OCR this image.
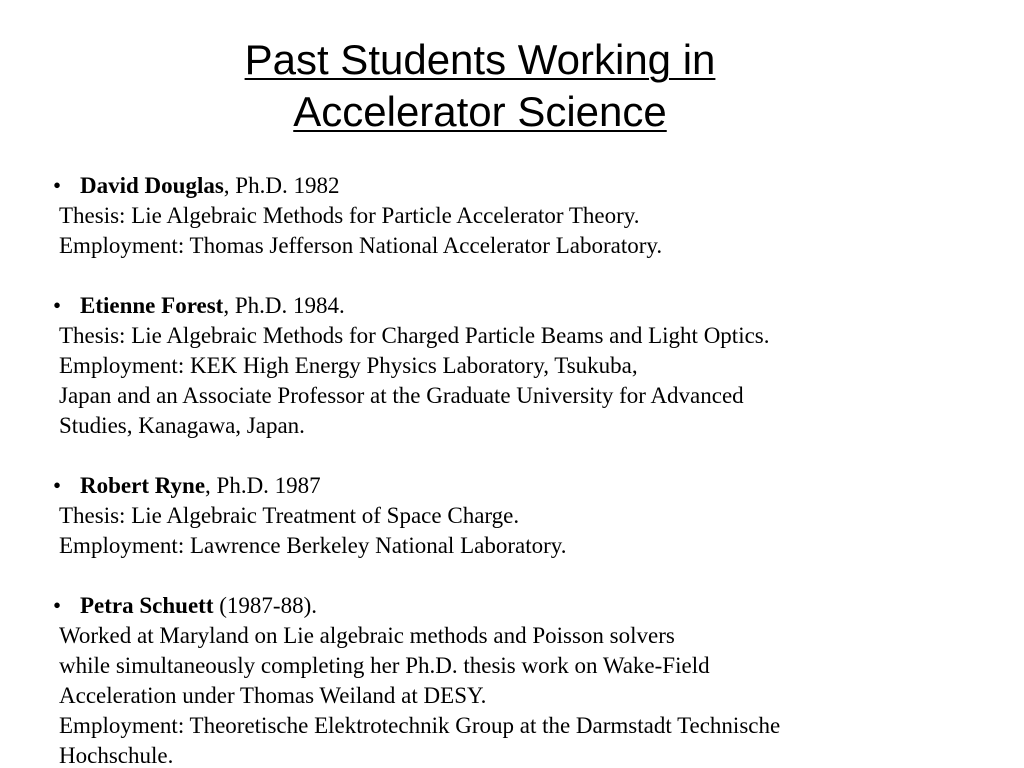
Past Students Working in
Accelerator Science
• David Douglas, Ph.D. 1982
Thesis: Lie Algebraic Methods for Particle Accelerator Theory.
Employment: Thomas Jefferson National Accelerator Laboratory.
• Etienne Forest, Ph.D. 1984.
Thesis: Lie Algebraic Methods for Charged Particle Beams and Light Optics.
Employment: KEK High Energy Physics Laboratory, Tsukuba,
Japan and an Associate Professor at the Graduate University for Advanced
Studies, Kanagawa, Japan.
• Robert Ryne, Ph.D. 1987
Thesis: Lie Algebraic Treatment of Space Charge.
Employment: Lawrence Berkeley National Laboratory.
• Petra Schuett (1987-88).
Worked at Maryland on Lie algebraic methods and Poisson solvers
while simultaneously completing her Ph.D. thesis work on Wake-Field
Acceleration under Thomas Weiland at DESY.
Employment: Theoretische Elektrotechnik Group at the Darmstadt Technische
Hochschule.
